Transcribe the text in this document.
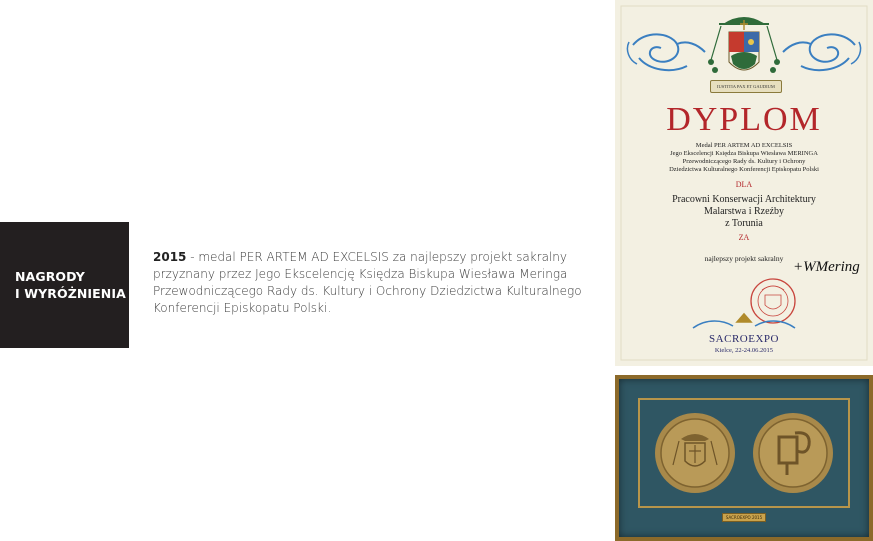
NAGRODY
I WYRÓŻNIENIA
2015 - medal PER ARTEM AD EXCELSIS za najlepszy projekt sakralny przyznany przez Jego Ekscelencję Księdza Biskupa Wiesława Meringa Przewodniczącego Rady ds. Kultury i Ochrony Dziedzictwa Kulturalnego Konferencji Episkopatu Polski.
IUSTITIA PAX ET GAUDIUM
DYPLOM
Medal PER ARTEM AD EXCELSIS
Jego Ekscelencji Księdza Biskupa Wiesława MERINGA
Przewodniczącego Rady ds. Kultury i Ochrony
Dziedzictwa Kulturalnego Konferencji Episkopatu Polski
DLA
Pracowni Konserwacji Architektury
Malarstwa i Rzeźby
z Torunia
ZA
najlepszy projekt sakralny
+WMering
SACROEXPO
Kielce, 22-24.06.2015
SACROEXPO 2015
